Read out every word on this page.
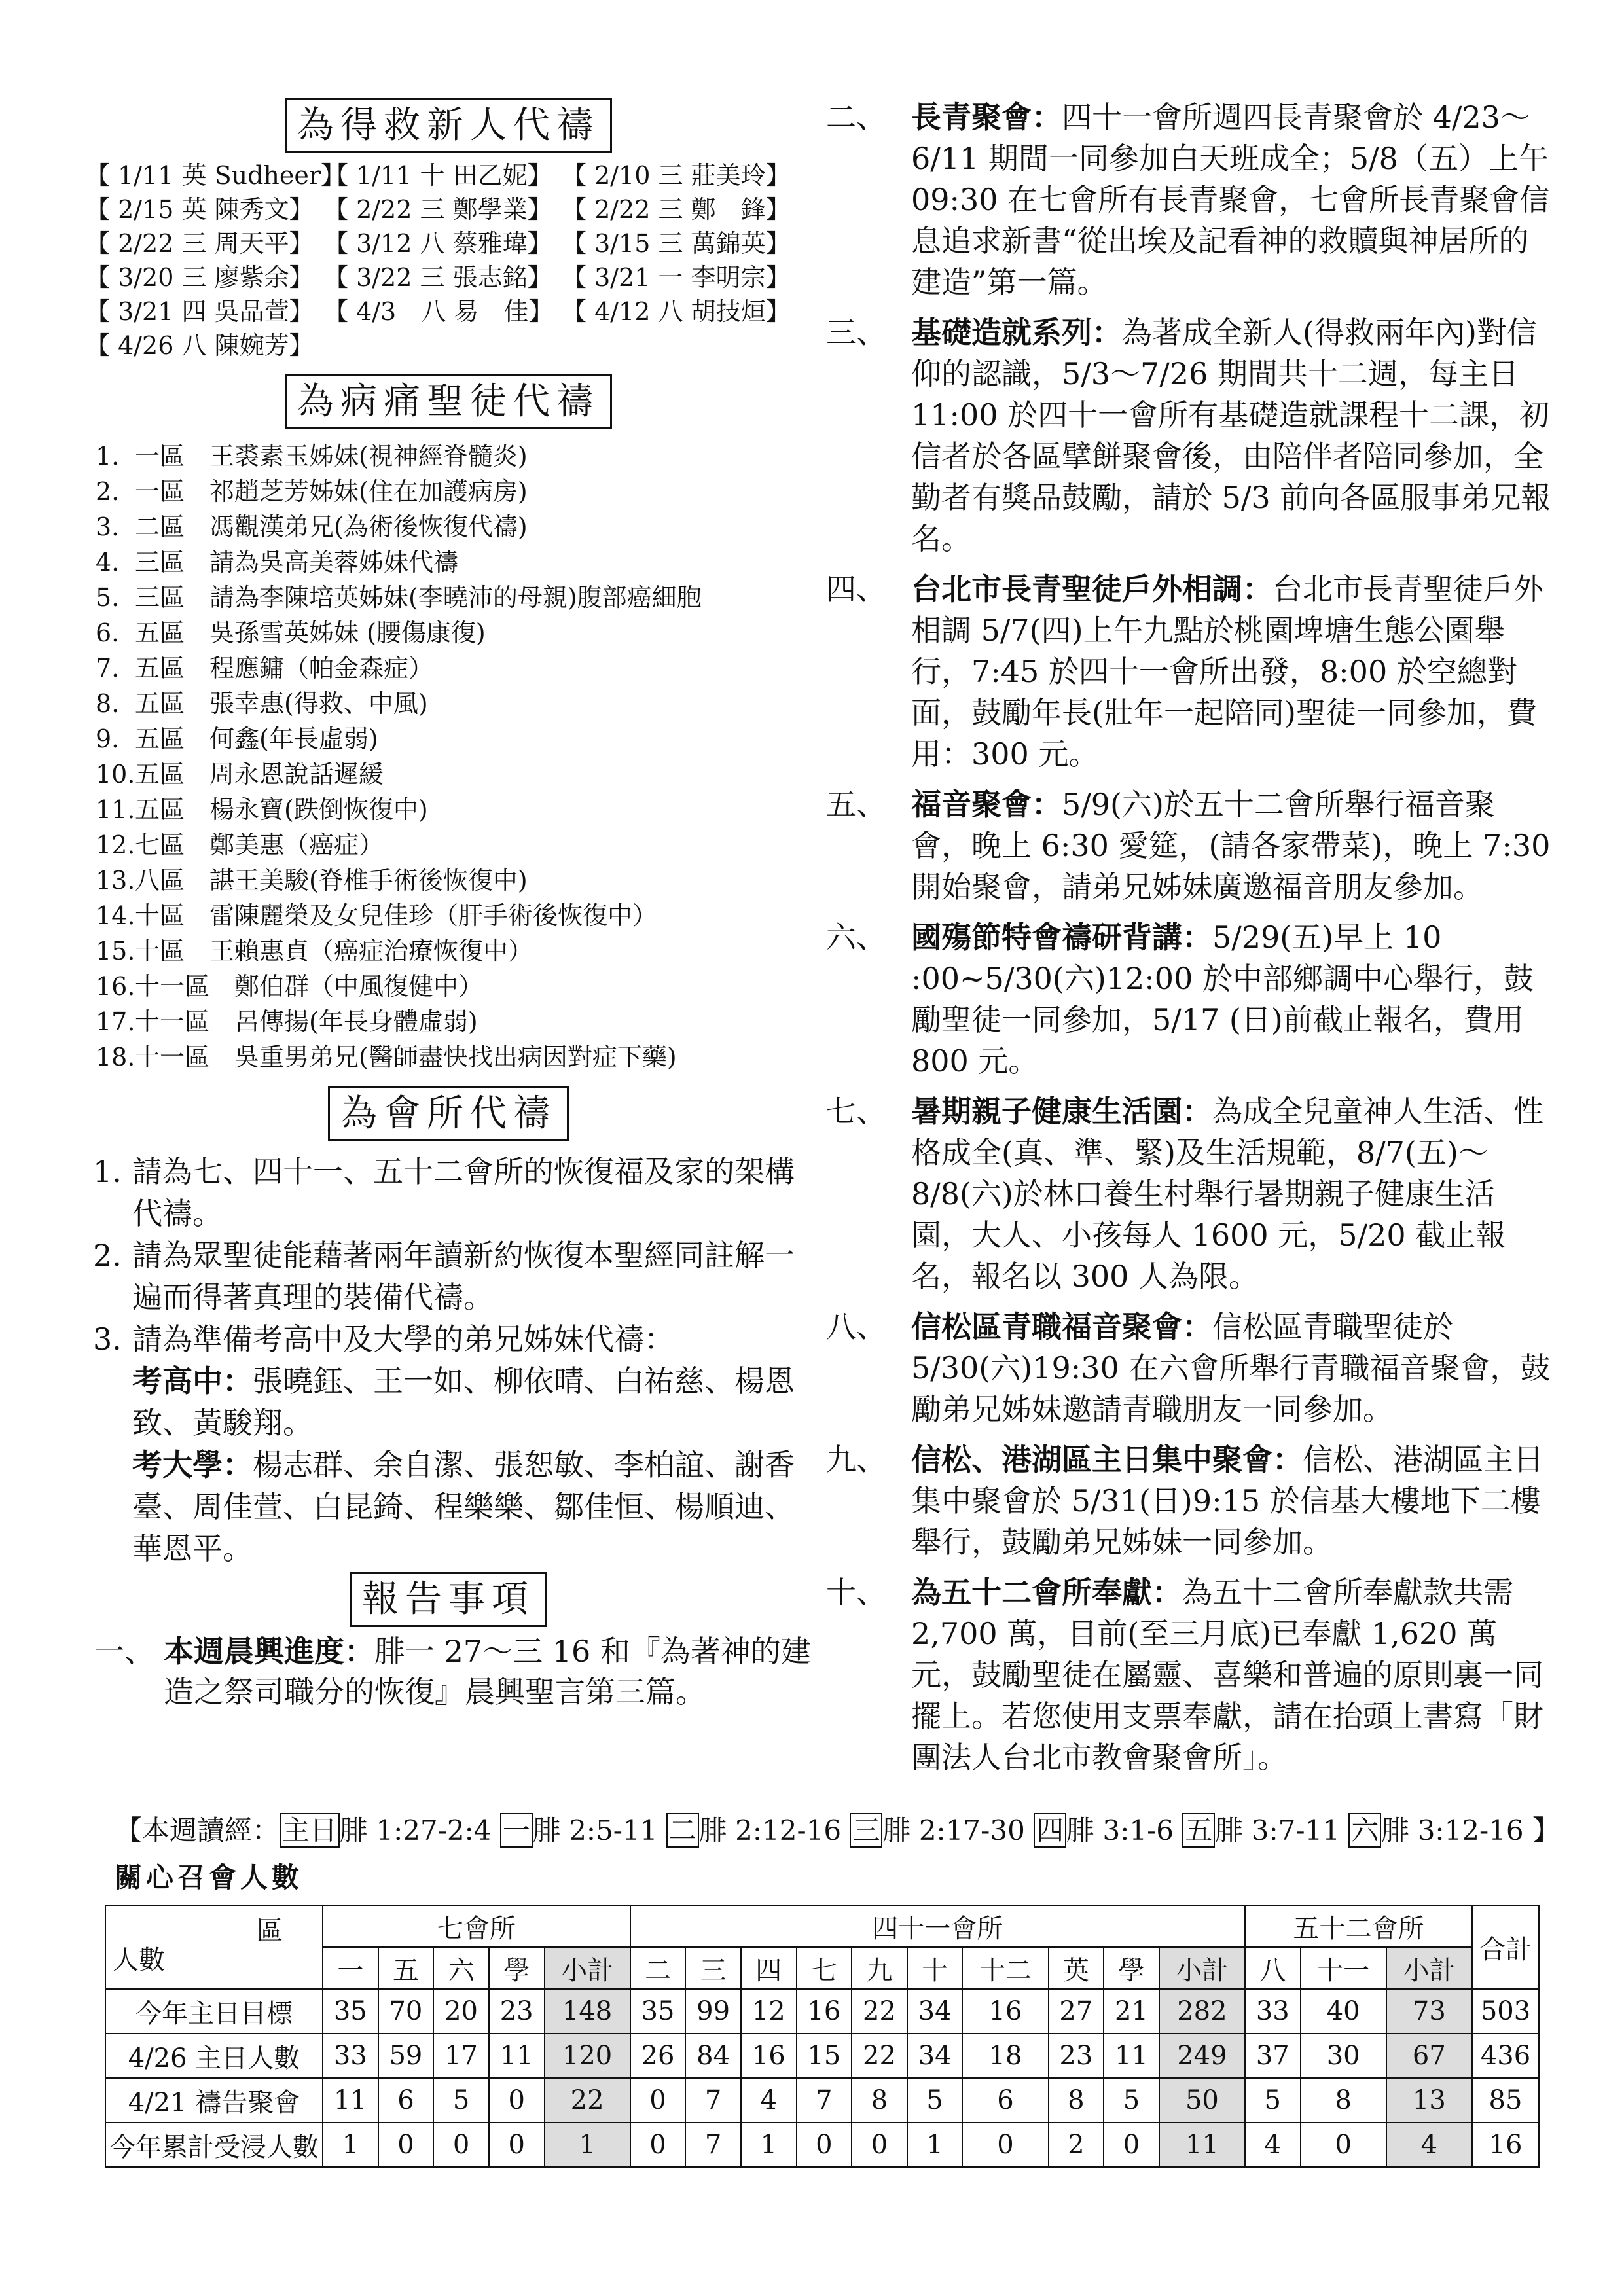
為得救新人代禱
【 1/11 英 Sudheer】【 1/11 十 田乙妮】 【 2/10 三 莊美玲】
【 2/15 英 陳秀文】 【 2/22 三 鄭學業】 【 2/22 三 鄭　鋒】
【 2/22 三 周天平】 【 3/12 八 蔡雅瑋】 【 3/15 三 萬錦英】
【 3/20 三 廖紫余】 【 3/22 三 張志銘】 【 3/21 一 李明宗】
【 3/21 四 吳品萱】 【 4/3　八 易　佳】 【 4/12 八 胡技烜】
【 4/26 八 陳婉芳】
為病痛聖徒代禱
1. 一區　王裘素玉姊妹(視神經脊髓炎)
2. 一區　祁趙芝芳姊妹(住在加護病房)
3. 二區　馮觀漢弟兄(為術後恢復代禱)
4. 三區　請為吳高美蓉姊妹代禱
5. 三區　請為李陳培英姊妹(李曉沛的母親)腹部癌細胞
6. 五區　吳孫雪英姊妹 (腰傷康復)
7. 五區　程應鏞（帕金森症）
8. 五區　張幸惠(得救、中風)
9. 五區　何鑫(年長虛弱)
10.五區　周永恩說話遲緩
11.五區　楊永寶(跌倒恢復中)
12.七區　鄭美惠（癌症）
13.八區　諶王美駿(脊椎手術後恢復中)
14.十區　雷陳麗榮及女兒佳珍（肝手術後恢復中）
15.十區　王賴惠貞（癌症治療恢復中）
16.十一區　鄭伯群（中風復健中）
17.十一區　呂傳揚(年長身體虛弱)
18.十一區　吳重男弟兄(醫師盡快找出病因對症下藥)
為會所代禱
1. 請為七、四十一、五十二會所的恢復福及家的架構代禱。
2. 請為眾聖徒能藉著兩年讀新約恢復本聖經同註解一遍而得著真理的裝備代禱。
3. 請為準備考高中及大學的弟兄姊妹代禱：
考高中：張曉鈺、王一如、柳依晴、白祐慈、楊恩致、黃駿翔。
考大學：楊志群、余自潔、張恕敏、李柏誼、謝香臺、周佳萱、白昆錡、程樂樂、鄒佳恒、楊順迪、華恩平。
報告事項
一、 本週晨興進度：腓一 27～三 16 和『為著神的建造之祭司職分的恢復』晨興聖言第三篇。
二、 長青聚會：四十一會所週四長青聚會於 4/23～6/11 期間一同參加白天班成全；5/8（五）上午 09:30 在七會所有長青聚會，七會所長青聚會信息追求新書“從出埃及記看神的救贖與神居所的建造”第一篇。
三、 基礎造就系列：為著成全新人(得救兩年內)對信仰的認識，5/3～7/26 期間共十二週，每主日 11:00 於四十一會所有基礎造就課程十二課，初信者於各區擘餅聚會後，由陪伴者陪同參加，全勤者有獎品鼓勵，請於 5/3 前向各區服事弟兄報名。
四、 台北市長青聖徒戶外相調：台北市長青聖徒戶外相調 5/7(四)上午九點於桃園埤塘生態公園舉行，7:45 於四十一會所出發，8:00 於空總對面，鼓勵年長(壯年一起陪同)聖徒一同參加，費用：300 元。
五、 福音聚會：5/9(六)於五十二會所舉行福音聚會，晚上 6:30 愛筵，(請各家帶菜)，晚上 7:30 開始聚會，請弟兄姊妹廣邀福音朋友參加。
六、 國殤節特會禱研背講：5/29(五)早上 10 :00~5/30(六)12:00 於中部鄉調中心舉行，鼓勵聖徒一同參加，5/17 (日)前截止報名，費用 800 元。
七、 暑期親子健康生活園：為成全兒童神人生活、性格成全(真、準、緊)及生活規範，8/7(五)～8/8(六)於林口養生村舉行暑期親子健康生活園，大人、小孩每人 1600 元，5/20 截止報名，報名以 300 人為限。
八、 信松區青職福音聚會：信松區青職聖徒於 5/30(六)19:30 在六會所舉行青職福音聚會，鼓勵弟兄姊妹邀請青職朋友一同參加。
九、 信松、港湖區主日集中聚會：信松、港湖區主日集中聚會於 5/31(日)9:15 於信基大樓地下二樓舉行，鼓勵弟兄姊妹一同參加。
十、 為五十二會所奉獻：為五十二會所奉獻款共需 2,700 萬，目前(至三月底)已奉獻 1,620 萬元，鼓勵聖徒在屬靈、喜樂和普遍的原則裏一同擺上。若您使用支票奉獻，請在抬頭上書寫「財團法人台北市教會聚會所」。
【本週讀經：主日腓 1:27-2:4 一腓 2:5-11 二腓 2:12-16 三腓 2:17-30 四腓 3:1-6 五腓 3:7-11 六腓 3:12-16 】
關心召會人數
區
人數	七會所					四十一會所										五十二會所			合計
	一	五	六	學	小計	二	三	四	七	九	十	十二	英	學	小計	八	十一	小計	
今年主日目標	35	70	20	23	148	35	99	12	16	22	34	16	27	21	282	33	40	73	503
4/26 主日人數	33	59	17	11	120	26	84	16	15	22	34	18	23	11	249	37	30	67	436
4/21 禱告聚會	11	6	5	0	22	0	7	4	7	8	5	6	8	5	50	5	8	13	85
今年累計受浸人數	1	0	0	0	1	0	7	1	0	0	1	0	2	0	11	4	0	4	16
